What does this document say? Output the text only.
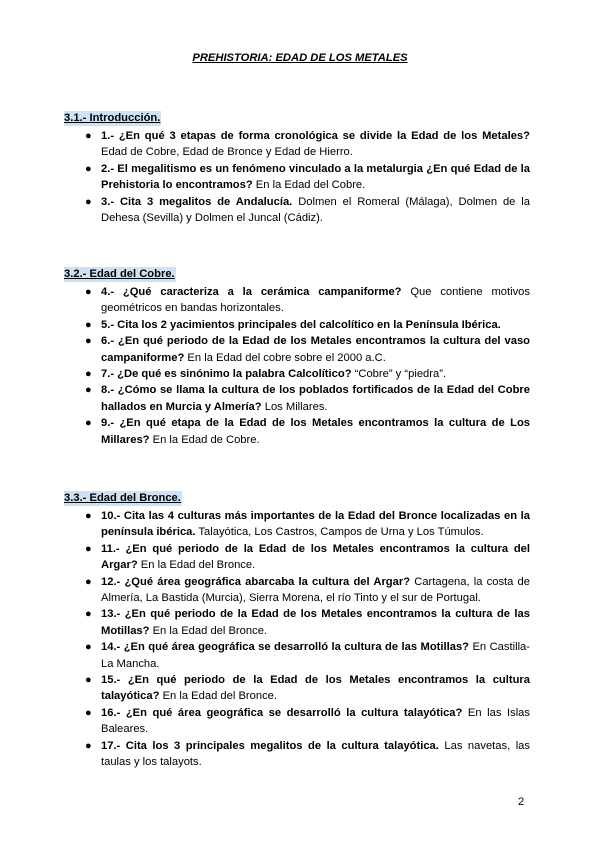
PREHISTORIA: EDAD DE LOS METALES
3.1.- Introducción.
● 1.- ¿En qué 3 etapas de forma cronológica se divide la Edad de los Metales? Edad de Cobre, Edad de Bronce y Edad de Hierro.
● 2.- El megalitismo es un fenómeno vinculado a la metalurgia ¿En qué Edad de la Prehistoria lo encontramos? En la Edad del Cobre.
● 3.- Cita 3 megalitos de Andalucía. Dolmen el Romeral (Málaga), Dolmen de la Dehesa (Sevilla) y Dolmen el Juncal (Cádiz).
3.2.- Edad del Cobre.
● 4.- ¿Qué caracteriza a la cerámica campaniforme? Que contiene motivos geométricos en bandas horizontales.
● 5.- Cita los 2 yacimientos principales del calcolítico en la Península Ibérica.
● 6.- ¿En qué periodo de la Edad de los Metales encontramos la cultura del vaso campaniforme? En la Edad del cobre sobre el 2000 a.C.
● 7.- ¿De qué es sinónimo la palabra Calcolítico? “Cobre” y “piedra”.
● 8.- ¿Cómo se llama la cultura de los poblados fortificados de la Edad del Cobre hallados en Murcia y Almería? Los Millares.
● 9.- ¿En qué etapa de la Edad de los Metales encontramos la cultura de Los Millares? En la Edad de Cobre.
3.3.- Edad del Bronce.
● 10.- Cita las 4 culturas más importantes de la Edad del Bronce localizadas en la península ibérica. Talayótica, Los Castros, Campos de Urna y Los Túmulos.
● 11.- ¿En qué periodo de la Edad de los Metales encontramos la cultura del Argar? En la Edad del Bronce.
● 12.- ¿Qué área geográfica abarcaba la cultura del Argar? Cartagena, la costa de Almería, La Bastida (Murcia), Sierra Morena, el río Tinto y el sur de Portugal.
● 13.- ¿En qué periodo de la Edad de los Metales encontramos la cultura de las Motillas? En la Edad del Bronce.
● 14.- ¿En qué área geográfica se desarrolló la cultura de las Motillas? En Castilla-La Mancha.
● 15.- ¿En qué periodo de la Edad de los Metales encontramos la cultura talayótica? En la Edad del Bronce.
● 16.- ¿En qué área geográfica se desarrolló la cultura talayótica? En las Islas Baleares.
● 17.- Cita los 3 principales megalitos de la cultura talayótica. Las navetas, las taulas y los talayots.
2
